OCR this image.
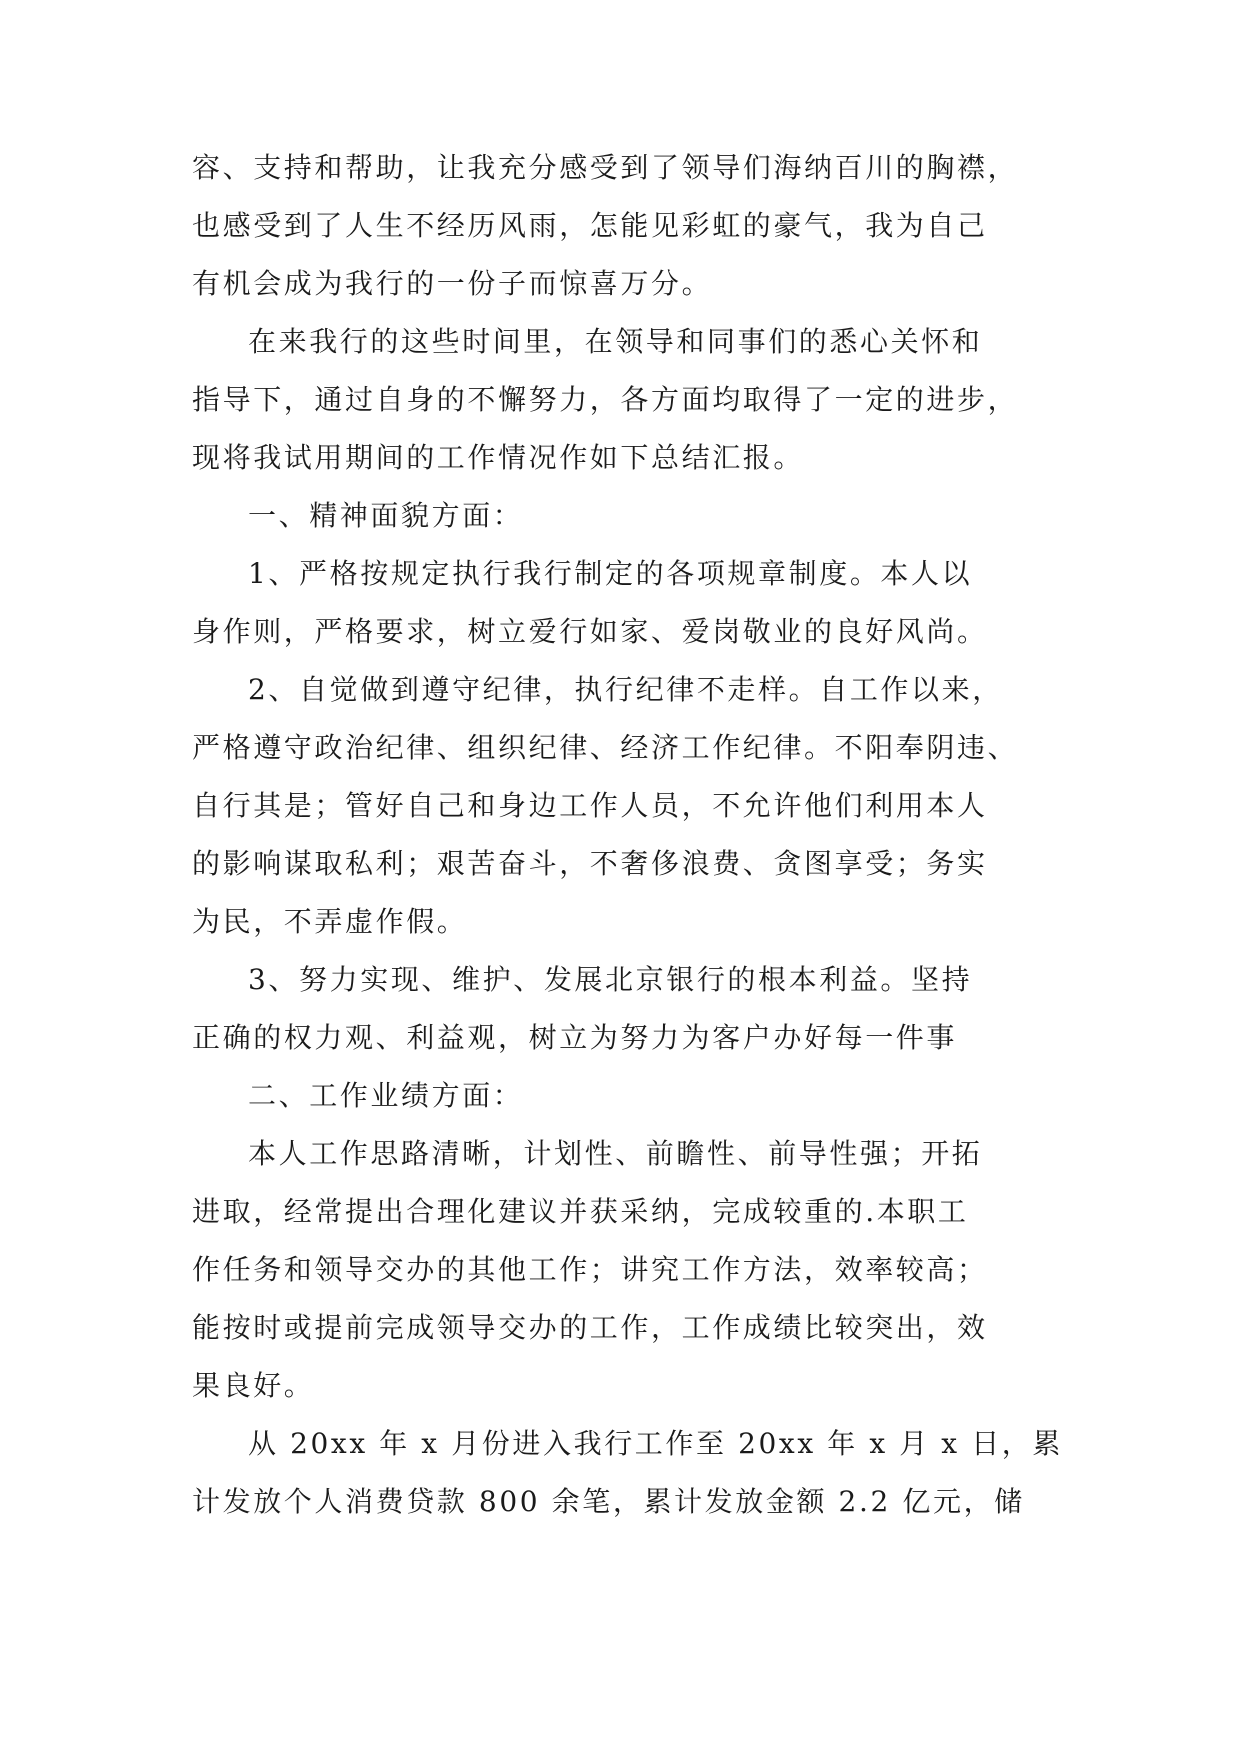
容、支持和帮助，让我充分感受到了领导们海纳百川的胸襟，
也感受到了人生不经历风雨，怎能见彩虹的豪气，我为自己
有机会成为我行的一份子而惊喜万分。
在来我行的这些时间里，在领导和同事们的悉心关怀和
指导下，通过自身的不懈努力，各方面均取得了一定的进步，
现将我试用期间的工作情况作如下总结汇报。
一、精神面貌方面：
1、严格按规定执行我行制定的各项规章制度。本人以
身作则，严格要求，树立爱行如家、爱岗敬业的良好风尚。
2、自觉做到遵守纪律，执行纪律不走样。自工作以来，
严格遵守政治纪律、组织纪律、经济工作纪律。不阳奉阴违、
自行其是；管好自己和身边工作人员，不允许他们利用本人
的影响谋取私利；艰苦奋斗，不奢侈浪费、贪图享受；务实
为民，不弄虚作假。
3、努力实现、维护、发展北京银行的根本利益。坚持
正确的权力观、利益观，树立为努力为客户办好每一件事
二、工作业绩方面：
本人工作思路清晰，计划性、前瞻性、前导性强；开拓
进取，经常提出合理化建议并获采纳，完成较重的.本职工
作任务和领导交办的其他工作；讲究工作方法，效率较高；
能按时或提前完成领导交办的工作，工作成绩比较突出，效
果良好。
从 20xx 年 x 月份进入我行工作至 20xx 年 x 月 x 日，累
计发放个人消费贷款 800 余笔，累计发放金额 2.2 亿元，储
